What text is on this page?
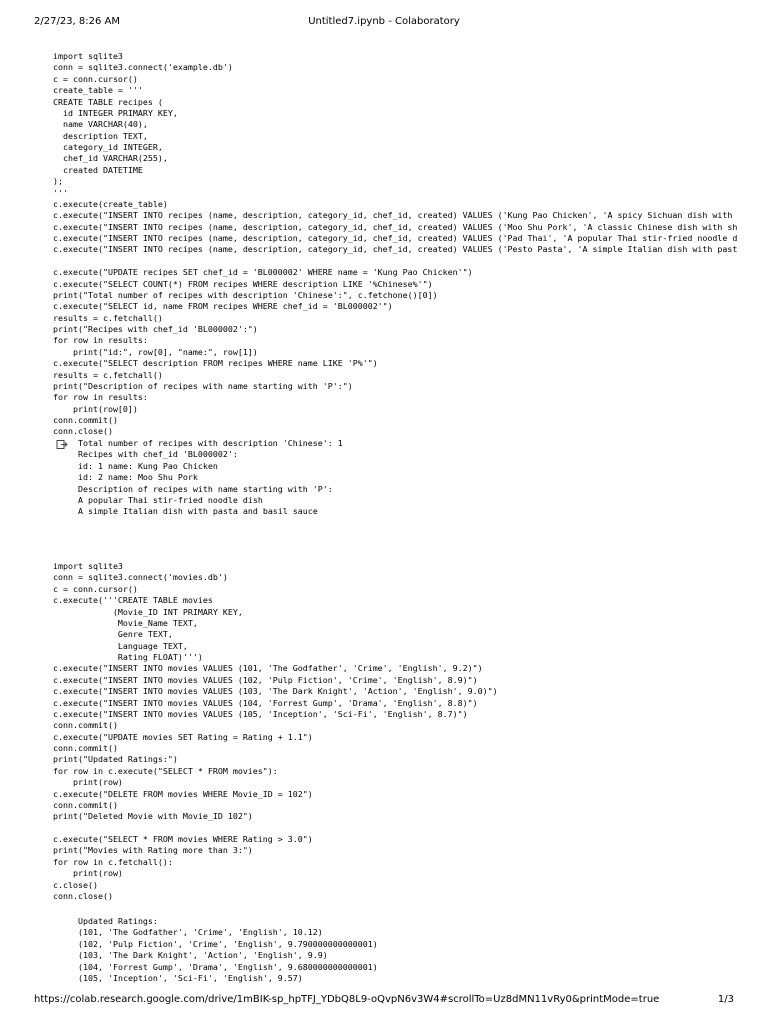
2/27/23, 8:26 AM	Untitled7.ipynb - Colaboratory
import sqlite3
conn = sqlite3.connect('example.db')
c = conn.cursor()
create_table = '''
CREATE TABLE recipes (
id INTEGER PRIMARY KEY,
name VARCHAR(40),
description TEXT,
category_id INTEGER,
chef_id VARCHAR(255),
created DATETIME
);
'''
c.execute(create_table)
c.execute("INSERT INTO recipes (name, description, category_id, chef_id, created) VALUES ('Kung Pao Chicken', 'A spicy Sichuan dish with
c.execute("INSERT INTO recipes (name, description, category_id, chef_id, created) VALUES ('Moo Shu Pork', 'A classic Chinese dish with sh
c.execute("INSERT INTO recipes (name, description, category_id, chef_id, created) VALUES ('Pad Thai', 'A popular Thai stir-fried noodle d
c.execute("INSERT INTO recipes (name, description, category_id, chef_id, created) VALUES ('Pesto Pasta', 'A simple Italian dish with past

c.execute("UPDATE recipes SET chef_id = 'BL000002' WHERE name = 'Kung Pao Chicken'")
c.execute("SELECT COUNT(*) FROM recipes WHERE description LIKE '%Chinese%'")
print("Total number of recipes with description 'Chinese':", c.fetchone()[0])
c.execute("SELECT id, name FROM recipes WHERE chef_id = 'BL000002'")
results = c.fetchall()
print("Recipes with chef_id 'BL000002':")
for row in results:
print("id:", row[0], "name:", row[1])
c.execute("SELECT description FROM recipes WHERE name LIKE 'P%'")
results = c.fetchall()
print("Description of recipes with name starting with 'P':")
for row in results:
print(row[0])
conn.commit()
conn.close()
Total number of recipes with description 'Chinese': 1
Recipes with chef_id 'BL000002':
id: 1 name: Kung Pao Chicken
id: 2 name: Moo Shu Pork
Description of recipes with name starting with 'P':
A popular Thai stir-fried noodle dish
A simple Italian dish with pasta and basil sauce
import sqlite3
conn = sqlite3.connect('movies.db')
c = conn.cursor()
c.execute('''CREATE TABLE movies
(Movie_ID INT PRIMARY KEY,
Movie_Name TEXT,
Genre TEXT,
Language TEXT,
Rating FLOAT)''')
c.execute("INSERT INTO movies VALUES (101, 'The Godfather', 'Crime', 'English', 9.2)")
c.execute("INSERT INTO movies VALUES (102, 'Pulp Fiction', 'Crime', 'English', 8.9)")
c.execute("INSERT INTO movies VALUES (103, 'The Dark Knight', 'Action', 'English', 9.0)")
c.execute("INSERT INTO movies VALUES (104, 'Forrest Gump', 'Drama', 'English', 8.8)")
c.execute("INSERT INTO movies VALUES (105, 'Inception', 'Sci-Fi', 'English', 8.7)")
conn.commit()
c.execute("UPDATE movies SET Rating = Rating + 1.1")
conn.commit()
print("Updated Ratings:")
for row in c.execute("SELECT * FROM movies"):
print(row)
c.execute("DELETE FROM movies WHERE Movie_ID = 102")
conn.commit()
print("Deleted Movie with Movie_ID 102")

c.execute("SELECT * FROM movies WHERE Rating > 3.0")
print("Movies with Rating more than 3:")
for row in c.fetchall():
print(row)
c.close()
conn.close()
Updated Ratings:
(101, 'The Godfather', 'Crime', 'English', 10.12)
(102, 'Pulp Fiction', 'Crime', 'English', 9.790000000000001)
(103, 'The Dark Knight', 'Action', 'English', 9.9)
(104, 'Forrest Gump', 'Drama', 'English', 9.680000000000001)
(105, 'Inception', 'Sci-Fi', 'English', 9.57)
https://colab.research.google.com/drive/1mBIK-sp_hpTFJ_YDbQ8L9-oQvpN6v3W4#scrollTo=Uz8dMN11vRy0&printMode=true	1/3
